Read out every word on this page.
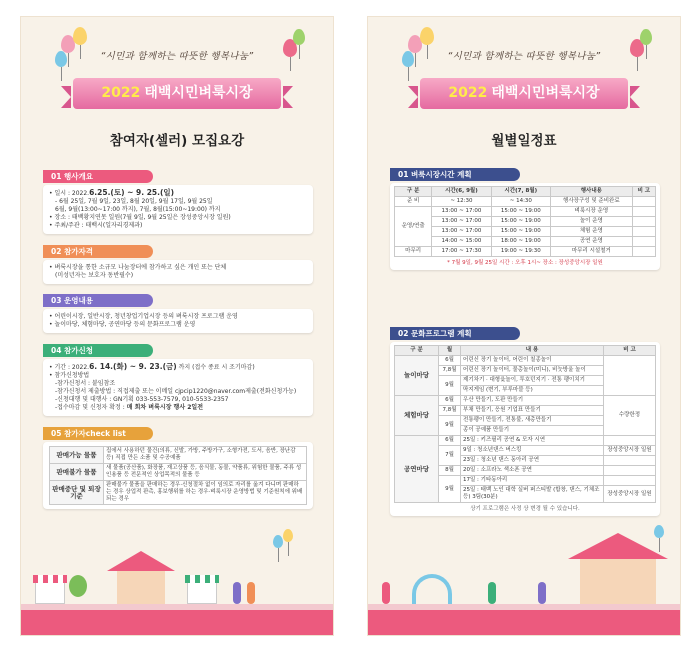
“시민과 함께하는 따뜻한 행복나눔”
2022 태백시민벼룩시장
참여자(셀러) 모집요강
01 행사개요
• 일시 : 2022.6.25.(토) ~ 9. 25.(일)
- 6월 25일, 7월 9일, 23일, 8월 20일, 9월 17일, 9월 25일
6월, 9월(13:00~17:00 까지), 7월, 8월(15:00~19:00) 까지
• 장소 : 태백황지연못 일원(7월 9일, 9월 25일은 장성중앙시장 일원)
• 주최/주관 : 태백시(일자리경제과)
02 참가자격
• 벼룩시장을 통한 소규모 나눔장터에 참가하고 싶은 개인 또는 단체
(미성년자는 보호자 동반필수)
03 운영내용
• 어린이시장, 일반시장, 청년창업기업시장 등의 벼룩시장 프로그램 운영
• 놀이마당, 체험마당, 공연마당 등의 문화프로그램 운영
04 참가신청
• 기간 : 2022.6. 14.(화) ~ 9. 23.(금) 까지 (접수 종료 시 조기마감)
• 참가신청방법
-참가신청서 : 붙임참조
-참가신청서 제출방법 : 직접제출 또는 이메일 cjpcip1220@naver.com제출(전화신청가능)
-신청대행 및 대행사 : GN기획 033-553-7579, 010-5533-2357
-접수마감 및 신청자 확정 : 매 회차 벼룩시장 행사 2일전
05 참가자check list
판매가능 물품	집에서 사용하던 물건(의류, 신발, 가방, 주방가구, 소형가전, 도서, 음반, 장난감 등) 직접 만든 소품 및 수공예품
판매불가 물품	새 물품(공산품), 화장품, 재고상품 등, 음식물, 동물, 약품류, 위험한 물품, 주류 성인용품 등 전문적인 상업목적의 물품 등
판매중단 및 퇴장기준	판매불가 물품을 판매하는 경우·신청절차 없이 임의로 자리를 옮겨 다니며 판매하는 경우 상업적 판촉, 홍보행위를 하는 경우·벼룩시장 운영방법 및 기준원칙에 위배되는 경우
“시민과 함께하는 따뜻한 행복나눔”
2022 태백시민벼룩시장
월별일정표
01 벼룩시장시간 계획
구 분	시간(6, 9월)	시간(7, 8월)	행사내용	비 고
준 비	~ 12:30	~ 14:30	행사장구성 및 준비완료	
운영/연출	13:00 ~ 17:00	15:00 ~ 19:00	벼룩시장 운영	
	13:00 ~ 17:00	15:00 ~ 19:00	놀이 운영	
	13:00 ~ 17:00	15:00 ~ 19:00	체험 운영	
	14:00 ~ 15:00	18:00 ~ 19:00	공연 운영	
마무리	17:00 ~ 17:30	19:00 ~ 19:30	마무리 시설철거	
* 7월 9일, 9월 25일 시간 : 오후 1시~ 장소 : 장성중앙시장 일원
02 문화프로그램 계획
구 분	월	내 용	비 고
놀이마당	6월	어린신 장기 놀이터, 어린이 칠종놀이	
	7,8월	어린신 장기 놀이터, 물총놀이(미니), 비눗방울 놀이	
	9월	제기차기 · 대형윷놀이, 투호던지기 · 전통 팽이치기	
		딱지게임 (변기, 부루마블 등)	
체험마당	6월	우산 만들기, 도판 만들기	수량한정
	7,8월	부채 만들기, 응원 기업표 만들기	
	9월	전통팽이 만들기, 전통불, 새총만들기	
		종이 공예품 만들기	
공연마당	6월	25일 : 키즈필리 공연 & 모자 시연	
	7월	9일 : 청소년댄스 버스킹	장성중앙시장 일원
		23일 : 청소년 댄스 동아리 공연	
	8월	20일 : 소프라노 색소폰 공연	
	9월	17일 : 기타동아리	
		25일 : 태백 노인 대학 실버 퍼스티발 (합창, 댄스, 기체조 등) 3팀(30분)	장성중앙시장 일원
상기 프로그램은 사정 상 변경 될 수 있습니다.
